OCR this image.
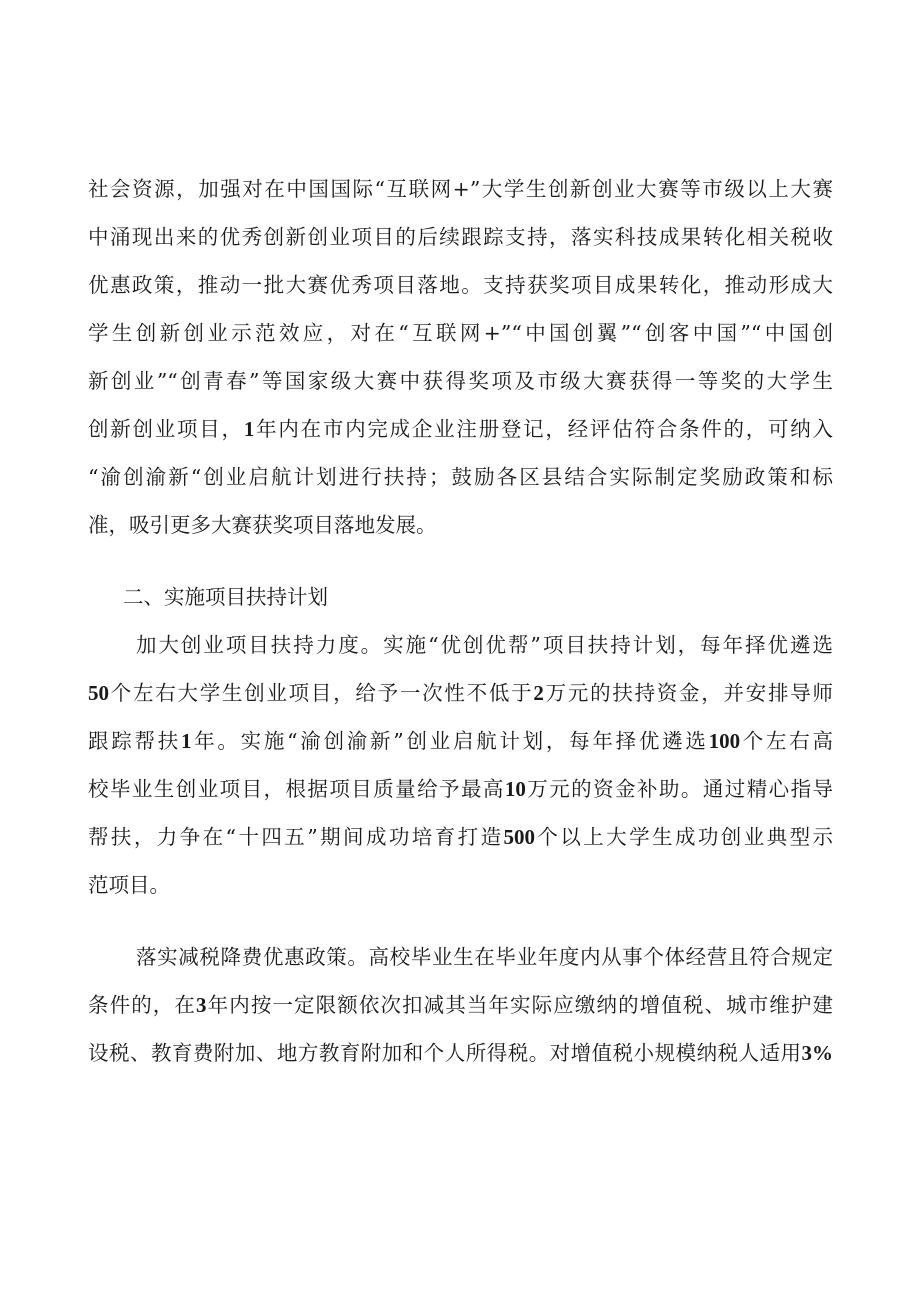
社会资源，加强对在中国国际“互联网+”大学生创新创业大赛等市级以上大赛
中涌现出来的优秀创新创业项目的后续跟踪支持，落实科技成果转化相关税收
优惠政策，推动一批大赛优秀项目落地。支持获奖项目成果转化，推动形成大
学生创新创业示范效应，对在“互联网+”“中国创翼”“创客中国”“中国创
新创业”“创青春”等国家级大赛中获得奖项及市级大赛获得一等奖的大学生
创新创业项目，1年内在市内完成企业注册登记，经评估符合条件的，可纳入
“渝创渝新“创业启航计划进行扶持；鼓励各区县结合实际制定奖励政策和标
准，吸引更多大赛获奖项目落地发展。
二、实施项目扶持计划
加大创业项目扶持力度。实施“优创优帮”项目扶持计划，每年择优遴选
50个左右大学生创业项目，给予一次性不低于2万元的扶持资金，并安排导师
跟踪帮扶1年。实施“渝创渝新”创业启航计划，每年择优遴选100个左右高
校毕业生创业项目，根据项目质量给予最高10万元的资金补助。通过精心指导
帮扶，力争在“十四五”期间成功培育打造500个以上大学生成功创业典型示
范项目。
落实减税降费优惠政策。高校毕业生在毕业年度内从事个体经营且符合规定
条件的，在3年内按一定限额依次扣减其当年实际应缴纳的增值税、城市维护建
设税、教育费附加、地方教育附加和个人所得税。对增值税小规模纳税人适用3%
